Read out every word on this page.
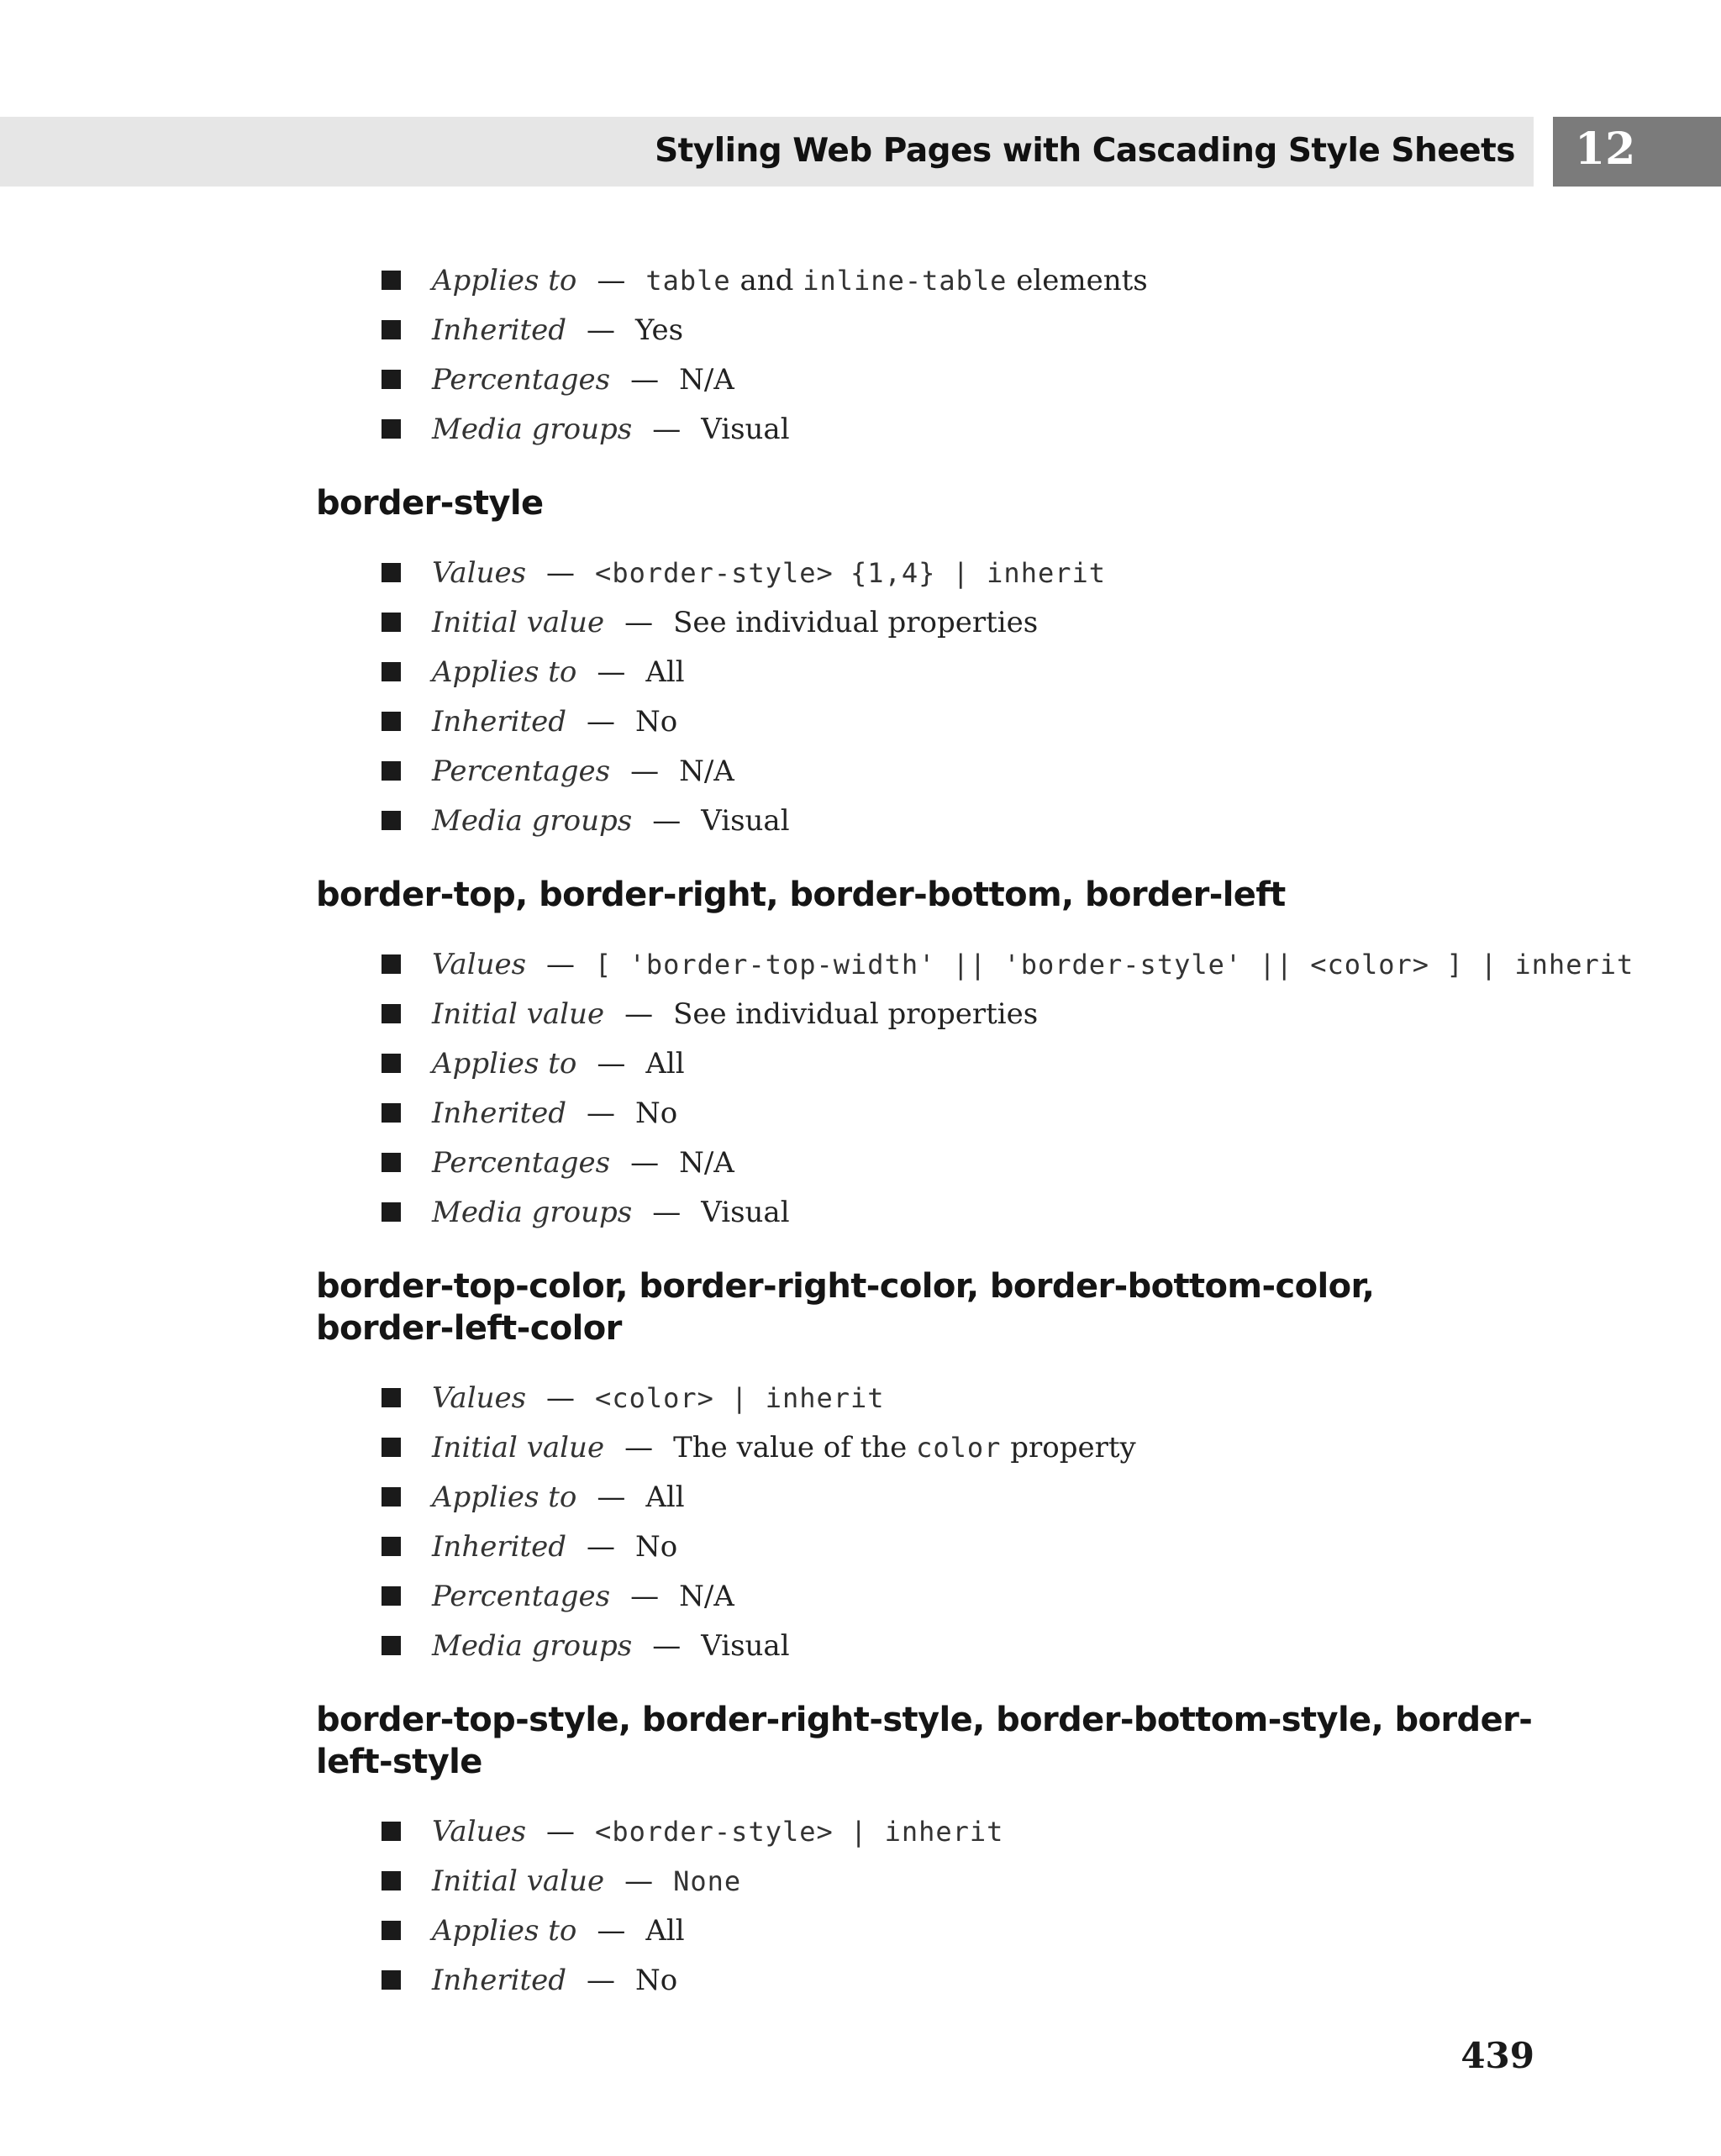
Styling Web Pages with Cascading Style Sheets 12
Applies to — table and inline-table elements
Inherited — Yes
Percentages — N/A
Media groups — Visual
border-style
Values — <border-style> {1,4} | inherit
Initial value — See individual properties
Applies to — All
Inherited — No
Percentages — N/A
Media groups — Visual
border-top, border-right, border-bottom, border-left
Values — [ 'border-top-width' || 'border-style' || <color> ] | inherit
Initial value — See individual properties
Applies to — All
Inherited — No
Percentages — N/A
Media groups — Visual
border-top-color, border-right-color, border-bottom-color,
border-left-color
Values — <color> | inherit
Initial value — The value of the color property
Applies to — All
Inherited — No
Percentages — N/A
Media groups — Visual
border-top-style, border-right-style, border-bottom-style, border-left-style
Values — <border-style> | inherit
Initial value — None
Applies to — All
Inherited — No
439
